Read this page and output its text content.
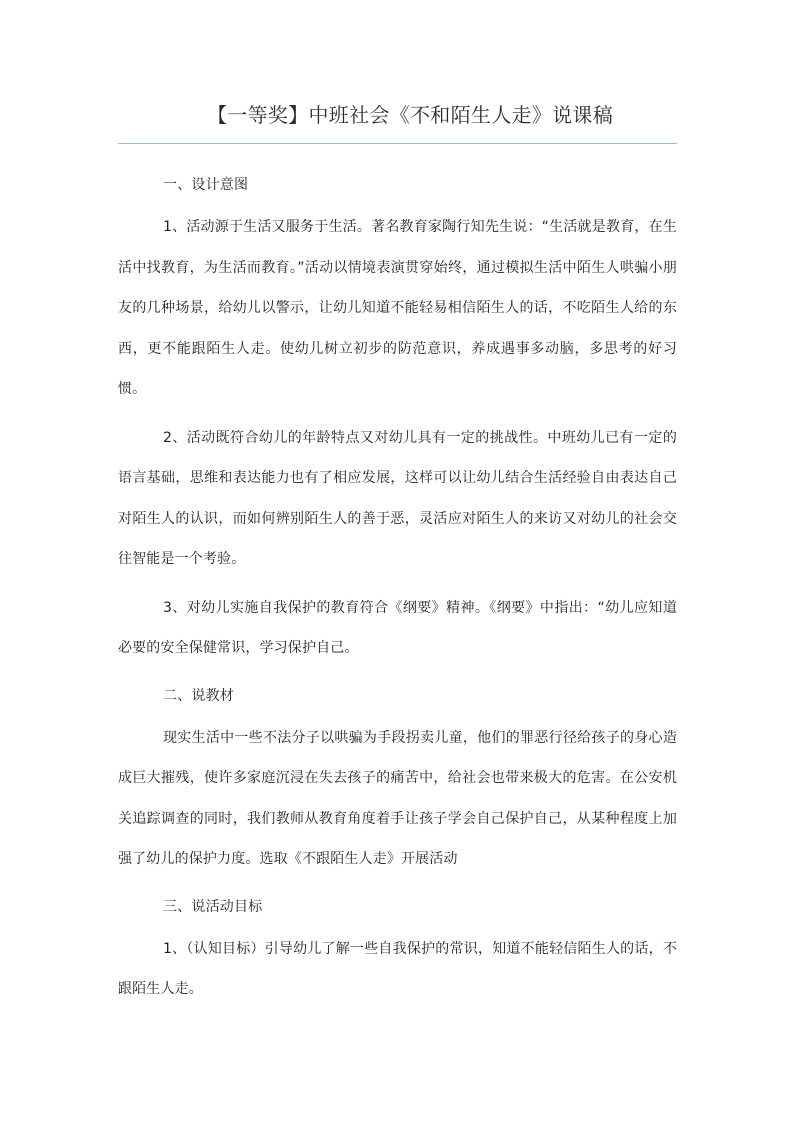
【一等奖】中班社会《不和陌生人走》说课稿

一、设计意图

1、活动源于生活又服务于生活。著名教育家陶行知先生说：“生活就是教育，在生活中找教育，为生活而教育。”活动以情境表演贯穿始终，通过模拟生活中陌生人哄骗小朋友的几种场景，给幼儿以警示，让幼儿知道不能轻易相信陌生人的话，不吃陌生人给的东西，更不能跟陌生人走。使幼儿树立初步的防范意识，养成遇事多动脑，多思考的好习惯。

2、活动既符合幼儿的年龄特点又对幼儿具有一定的挑战性。中班幼儿已有一定的语言基础，思维和表达能力也有了相应发展，这样可以让幼儿结合生活经验自由表达自己对陌生人的认识，而如何辨别陌生人的善于恶，灵活应对陌生人的来访又对幼儿的社会交往智能是一个考验。

3、对幼儿实施自我保护的教育符合《纲要》精神。《纲要》中指出：“幼儿应知道必要的安全保健常识，学习保护自己。

二、说教材

现实生活中一些不法分子以哄骗为手段拐卖儿童，他们的罪恶行径给孩子的身心造成巨大摧残，使许多家庭沉浸在失去孩子的痛苦中，给社会也带来极大的危害。在公安机关追踪调查的同时，我们教师从教育角度着手让孩子学会自己保护自己，从某种程度上加强了幼儿的保护力度。选取《不跟陌生人走》开展活动

三、说活动目标

1、（认知目标）引导幼儿了解一些自我保护的常识，知道不能轻信陌生人的话，不跟陌生人走。
